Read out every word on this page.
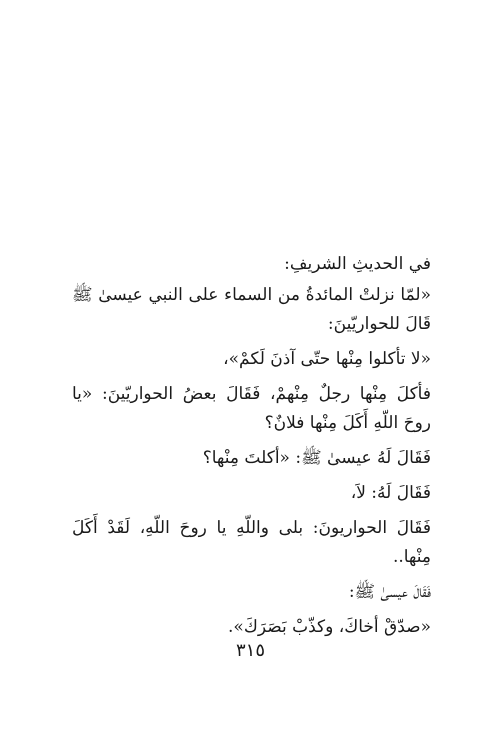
في الحديثِ الشريفِ:

«لمّا نزلتْ المائدةُ من السماء على النبي عيسىٰ ﷺ قَالَ للحواريّينَ:

«لا تأكلوا مِنْها حتّى آذنَ لَكمْ»،

فأكلَ مِنْها رجلٌ مِنْهمْ، فَقَالَ بعضُ الحواريّينَ: «يا روحَ اللّهِ أَكَلَ مِنْها فلانٌ؟

فَقَالَ لَهُ عيسىٰ ﷺ: «أكلتَ مِنْها؟

فَقَالَ لَهُ: لاَ،

فَقَالَ الحواريونَ: بلى واللّهِ يا روحَ اللّهِ، لَقَدْ أَكَلَ مِنْها..

فَقَالَ عيسىٰ ﷺ:

«صدّقْ أخاكَ، وكذّبْ بَصَرَكَ».

٣١٥
